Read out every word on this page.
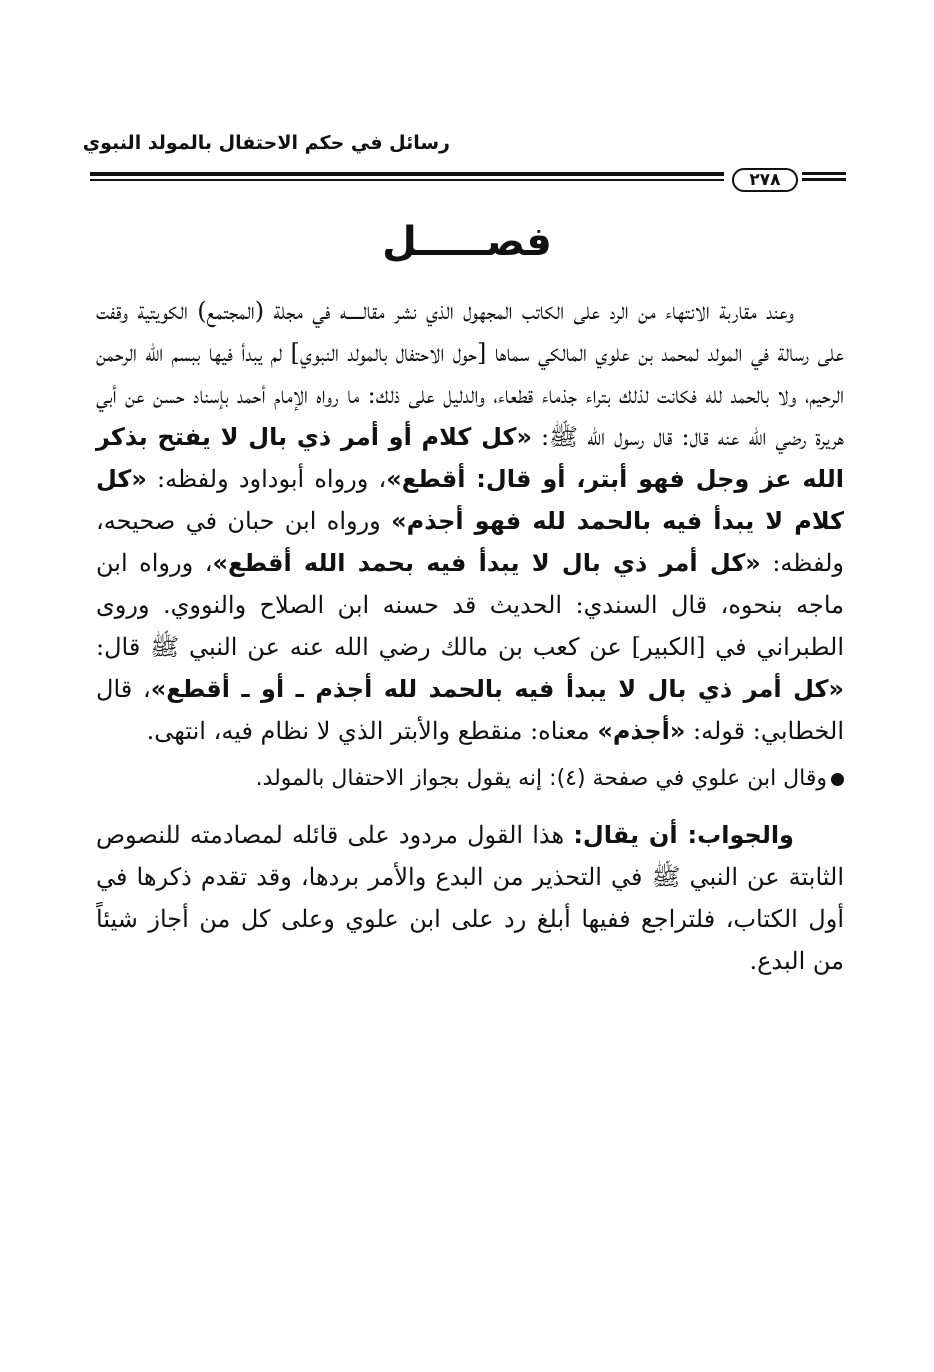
رسائل في حكم الاحتفال بالمولد النبوي
٢٧٨
فصـــــل

وعند مقاربة الانتهاء من الرد على الكاتب المجهول الذي نشر مقالـــــه في مجلة (المجتمع) الكويتية وقفت على رسالة في المولد لمحمد بن علوي المالكي سماها [حول الاحتفال بالمولد النبوي] لم يبدأ فيها ببسم الله الرحمن الرحيم، ولا بالحمد لله فكانت لذلك بتراء جذماء قطعاء، والدليل على ذلك: ما رواه الإمام أحمد بإسناد حسن عن أبي هريرة رضي الله عنه قال: قال رسول الله ﷺ: «كل كلام أو أمر ذي بال لا يفتح بذكر الله عز وجل فهو أبتر، أو قال: أقطع»، ورواه أبوداود ولفظه: «كل كلام لا يبدأ فيه بالحمد لله فهو أجذم» ورواه ابن حبان في صحيحه، ولفظه: «كل أمر ذي بال لا يبدأ فيه بحمد الله أقطع»، ورواه ابن ماجه بنحوه، قال السندي: الحديث قد حسنه ابن الصلاح والنووي. وروى الطبراني في [الكبير] عن كعب بن مالك رضي الله عنه عن النبي ﷺ قال: «كل أمر ذي بال لا يبدأ فيه بالحمد لله أجذم ـ أو ـ أقطع»، قال الخطابي: قوله: «أجذم» معناه: منقطع والأبتر الذي لا نظام فيه، انتهى.

وقال ابن علوي في صفحة (٤): إنه يقول بجواز الاحتفال بالمولد.

والجواب: أن يقال: هذا القول مردود على قائله لمصادمته للنصوص الثابتة عن النبي ﷺ في التحذير من البدع والأمر بردها، وقد تقدم ذكرها في أول الكتاب، فلتراجع ففيها أبلغ رد على ابن علوي وعلى كل من أجاز شيئاً من البدع.
